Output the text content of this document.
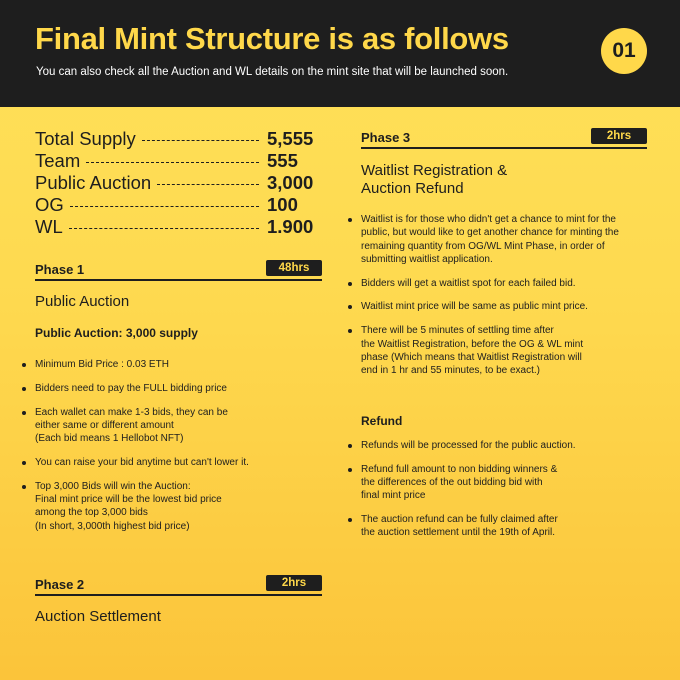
Final Mint Structure is as follows
You can also check all the Auction and WL details on the mint site that will be launched soon.
01
Total Supply	5,555
Team	555
Public Auction	3,000
OG	100
WL	1.900
Phase 1	48hrs
Public Auction
Public Auction: 3,000 supply
Minimum Bid Price : 0.03 ETH
Bidders need to pay the FULL bidding price
Each wallet can make 1-3 bids, they can be
either same or different amount
(Each bid means 1 Hellobot NFT)
You can raise your bid anytime but can't lower it.
Top 3,000 Bids will win the Auction:
Final mint price will be the lowest bid price
among the top 3,000 bids
(In short, 3,000th highest bid price)
Phase 2	2hrs
Auction Settlement
Phase 3	2hrs
Waitlist Registration &
Auction Refund
Waitlist is for those who didn't get a chance to mint for the
public, but would like to get another chance for minting the
remaining quantity from OG/WL Mint Phase, in order of
submitting waitlist application.
Bidders will get a waitlist spot for each failed bid.
Waitlist mint price will be same as public mint price.
There will be 5 minutes of settling time after
the Waitlist Registration, before the OG & WL mint
phase (Which means that Waitlist Registration will
end in 1 hr and 55 minutes, to be exact.)
Refund
Refunds will be processed for the public auction.
Refund full amount to non bidding winners &
the differences of the out bidding bid with
final mint price
The auction refund can be fully claimed after
the auction settlement until the 19th of April.
